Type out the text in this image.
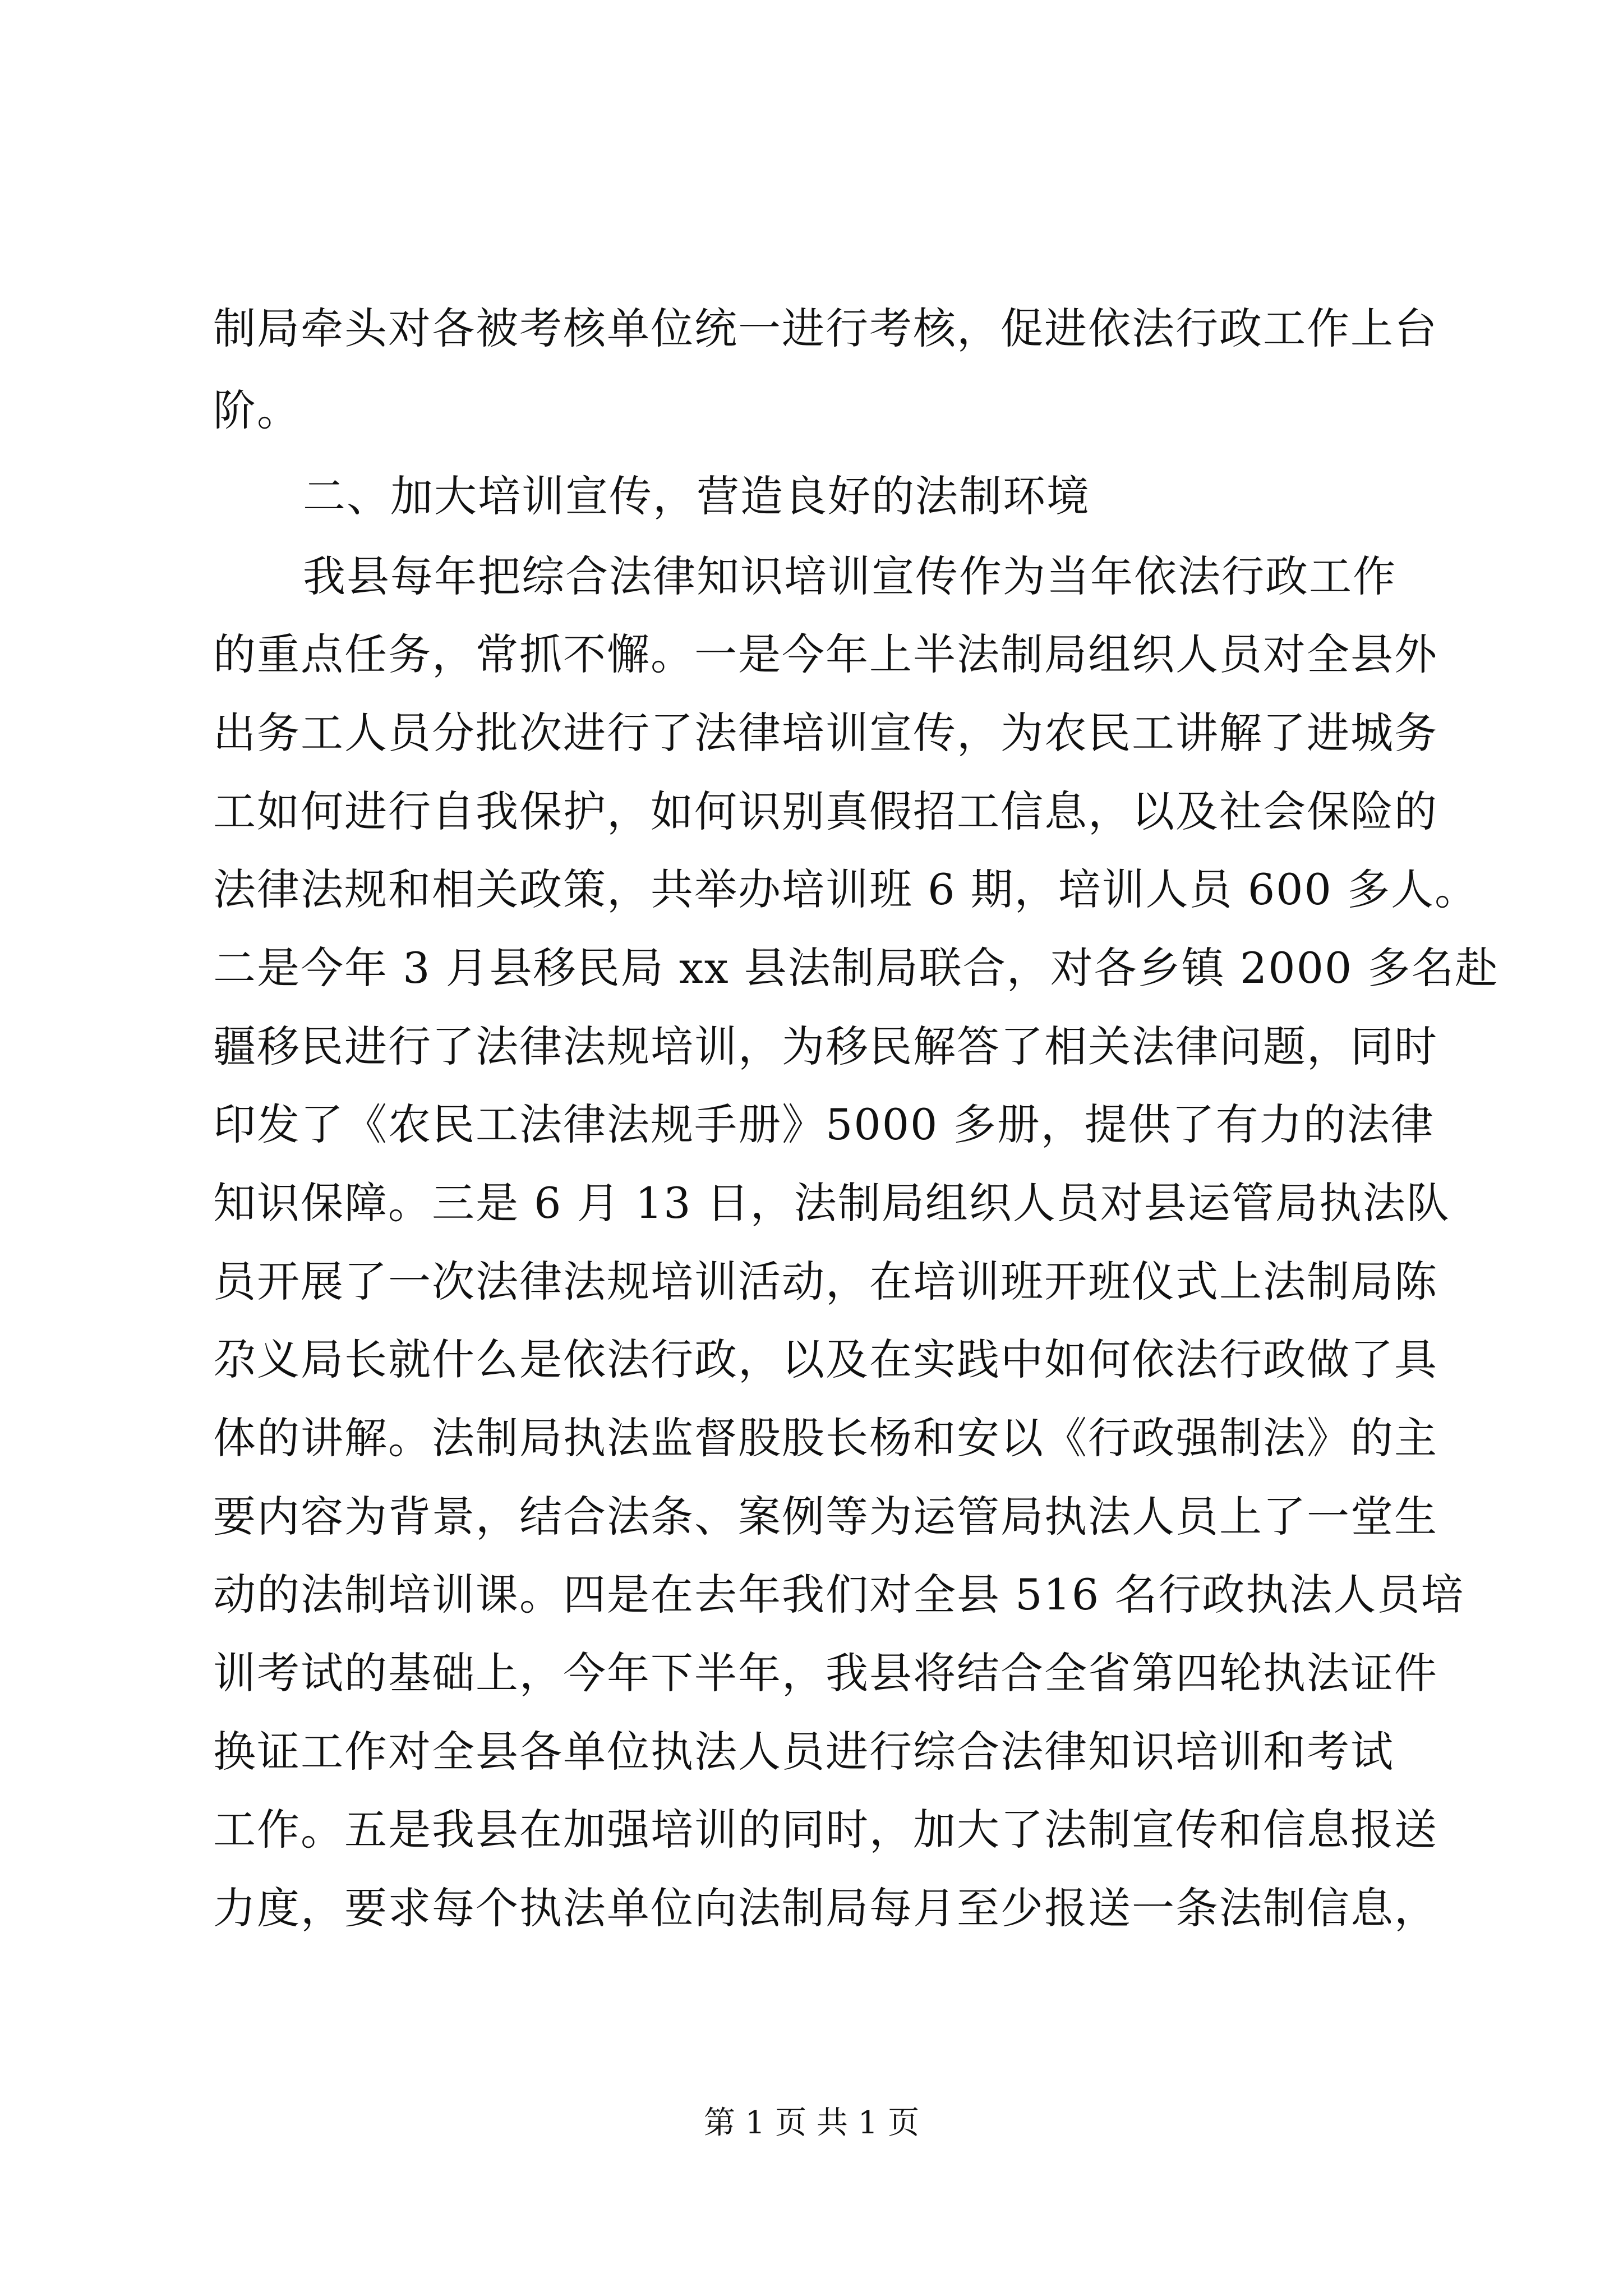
制局牵头对各被考核单位统一进行考核，促进依法行政工作上台
阶。
二、加大培训宣传，营造良好的法制环境
我县每年把综合法律知识培训宣传作为当年依法行政工作
的重点任务，常抓不懈。一是今年上半法制局组织人员对全县外
出务工人员分批次进行了法律培训宣传，为农民工讲解了进城务
工如何进行自我保护，如何识别真假招工信息，以及社会保险的
法律法规和相关政策，共举办培训班 6 期，培训人员 600 多人。
二是今年 3 月县移民局 xx 县法制局联合，对各乡镇 2000 多名赴
疆移民进行了法律法规培训，为移民解答了相关法律问题，同时
印发了《农民工法律法规手册》5000 多册，提供了有力的法律
知识保障。三是 6 月 13 日，法制局组织人员对县运管局执法队
员开展了一次法律法规培训活动，在培训班开班仪式上法制局陈
尕义局长就什么是依法行政，以及在实践中如何依法行政做了具
体的讲解。法制局执法监督股股长杨和安以《行政强制法》的主
要内容为背景，结合法条、案例等为运管局执法人员上了一堂生
动的法制培训课。四是在去年我们对全县 516 名行政执法人员培
训考试的基础上，今年下半年，我县将结合全省第四轮执法证件
换证工作对全县各单位执法人员进行综合法律知识培训和考试
工作。五是我县在加强培训的同时，加大了法制宣传和信息报送
力度，要求每个执法单位向法制局每月至少报送一条法制信息，
第 1 页 共 1 页
